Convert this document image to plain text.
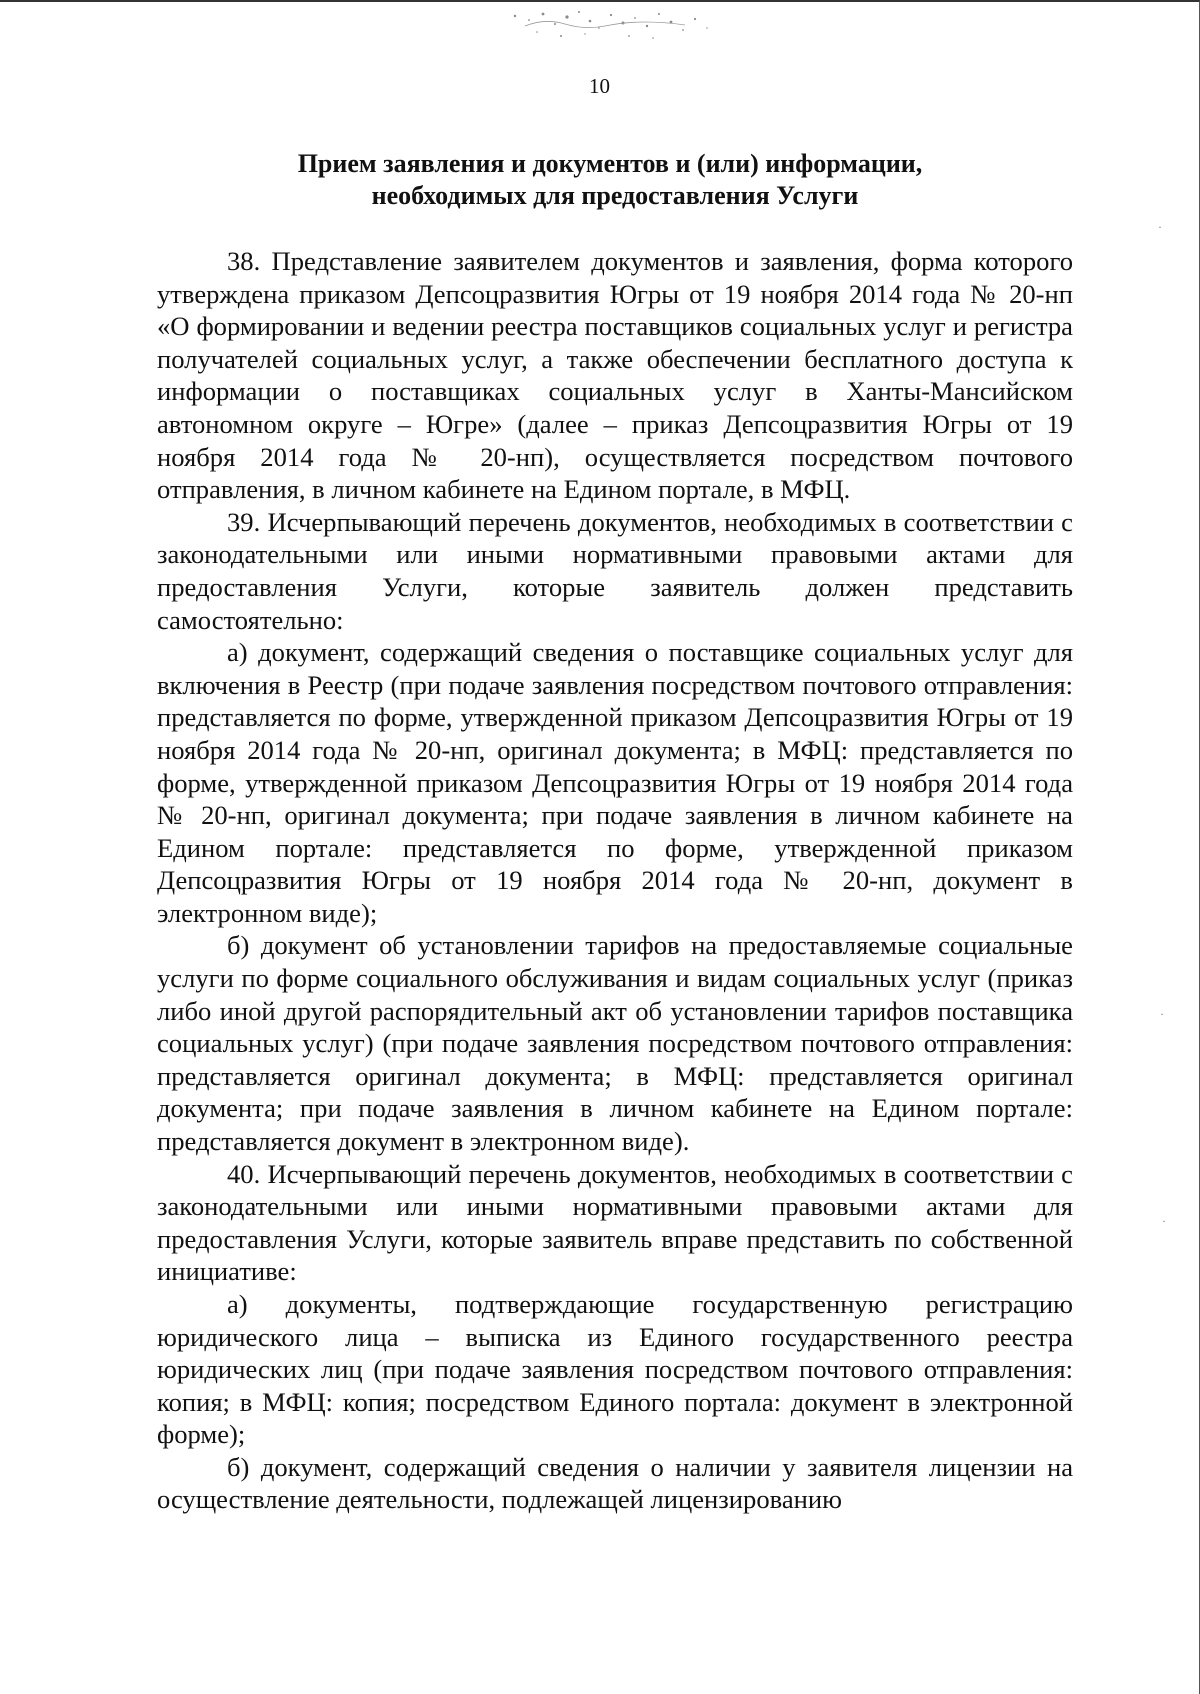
10
Прием заявления и документов и (или) информации,
необходимых для предоставления Услуги

38. Представление заявителем документов и заявления, форма которого утверждена приказом Депсоцразвития Югры от 19 ноября 2014 года № 20-нп «О формировании и ведении реестра поставщиков социальных услуг и регистра получателей социальных услуг, а также обеспечении бесплатного доступа к информации о поставщиках социальных услуг в Ханты-Мансийском автономном округе – Югре» (далее – приказ Депсоцразвития Югры от 19 ноября 2014 года № 20-нп), осуществляется посредством почтового отправления, в личном кабинете на Едином портале, в МФЦ.

39. Исчерпывающий перечень документов, необходимых в соответствии с законодательными или иными нормативными правовыми актами для предоставления Услуги, которые заявитель должен представить самостоятельно:

а) документ, содержащий сведения о поставщике социальных услуг для включения в Реестр (при подаче заявления посредством почтового отправления: представляется по форме, утвержденной приказом Депсоцразвития Югры от 19 ноября 2014 года № 20-нп, оригинал документа; в МФЦ: представляется по форме, утвержденной приказом Депсоцразвития Югры от 19 ноября 2014 года № 20-нп, оригинал документа; при подаче заявления в личном кабинете на Едином портале: представляется по форме, утвержденной приказом Депсоцразвития Югры от 19 ноября 2014 года № 20-нп, документ в электронном виде);

б) документ об установлении тарифов на предоставляемые социальные услуги по форме социального обслуживания и видам социальных услуг (приказ либо иной другой распорядительный акт об установлении тарифов поставщика социальных услуг) (при подаче заявления посредством почтового отправления: представляется оригинал документа; в МФЦ: представляется оригинал документа; при подаче заявления в личном кабинете на Едином портале: представляется документ в электронном виде).

40. Исчерпывающий перечень документов, необходимых в соответствии с законодательными или иными нормативными правовыми актами для предоставления Услуги, которые заявитель вправе представить по собственной инициативе:

а) документы, подтверждающие государственную регистрацию юридического лица – выписка из Единого государственного реестра юридических лиц (при подаче заявления посредством почтового отправления: копия; в МФЦ: копия; посредством Единого портала: документ в электронной форме);

б) документ, содержащий сведения о наличии у заявителя лицензии на осуществление деятельности, подлежащей лицензированию

·
·
·
